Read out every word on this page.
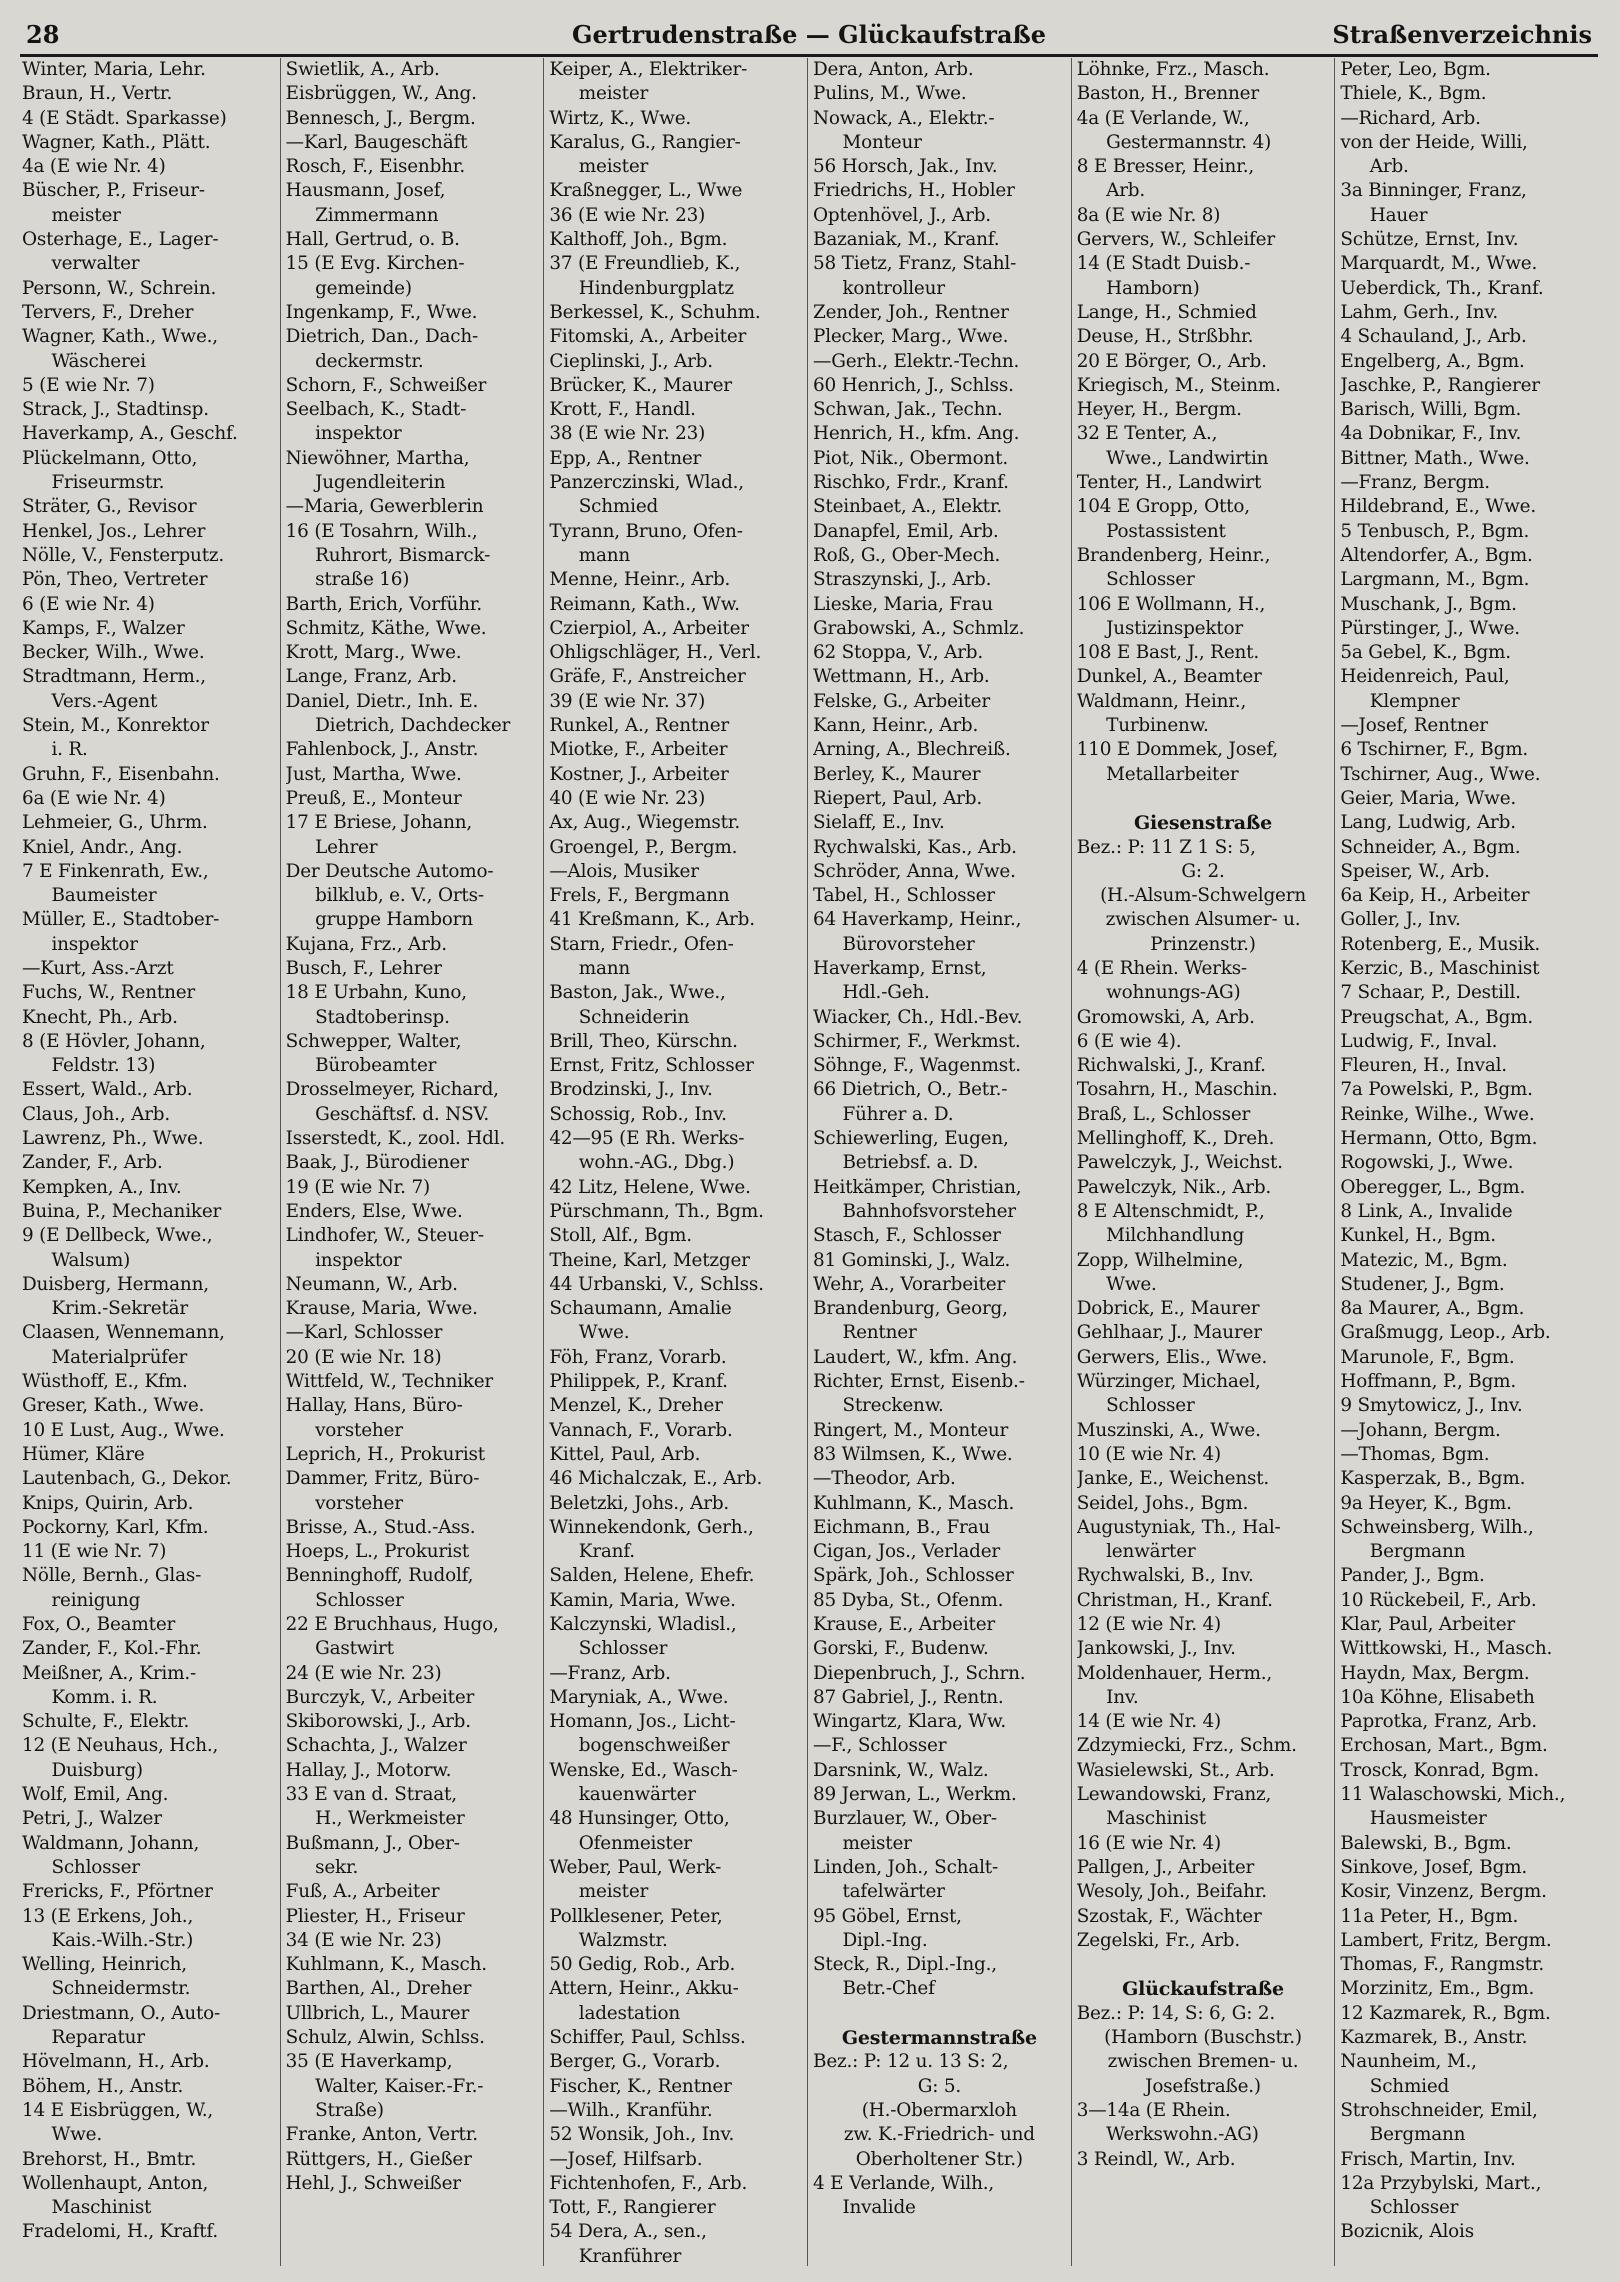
28	Gertrudenstraße — Glückaufstraße	Straßenverzeichnis
Winter, Maria, Lehr.
Braun, H., Vertr.
4 (E Städt. Sparkasse)
Wagner, Kath., Plätt.
4a (E wie Nr. 4)
Büscher, P., Friseur-
meister
Osterhage, E., Lager-
verwalter
Personn, W., Schrein.
Tervers, F., Dreher
Wagner, Kath., Wwe.,
Wäscherei
5 (E wie Nr. 7)
Strack, J., Stadtinsp.
Haverkamp, A., Geschf.
Plückelmann, Otto,
Friseurmstr.
Sträter, G., Revisor
Henkel, Jos., Lehrer
Nölle, V., Fensterputz.
Pön, Theo, Vertreter
6 (E wie Nr. 4)
Kamps, F., Walzer
Becker, Wilh., Wwe.
Stradtmann, Herm.,
Vers.-Agent
Stein, M., Konrektor
i. R.
Gruhn, F., Eisenbahn.
6a (E wie Nr. 4)
Lehmeier, G., Uhrm.
Kniel, Andr., Ang.
7 E Finkenrath, Ew.,
Baumeister
Müller, E., Stadtober-
inspektor
—Kurt, Ass.-Arzt
Fuchs, W., Rentner
Knecht, Ph., Arb.
8 (E Hövler, Johann,
Feldstr. 13)
Essert, Wald., Arb.
Claus, Joh., Arb.
Lawrenz, Ph., Wwe.
Zander, F., Arb.
Kempken, A., Inv.
Buina, P., Mechaniker
9 (E Dellbeck, Wwe.,
Walsum)
Duisberg, Hermann,
Krim.-Sekretär
Claasen, Wennemann,
Materialprüfer
Wüsthoff, E., Kfm.
Greser, Kath., Wwe.
10 E Lust, Aug., Wwe.
Hümer, Kläre
Lautenbach, G., Dekor.
Knips, Quirin, Arb.
Pockorny, Karl, Kfm.
11 (E wie Nr. 7)
Nölle, Bernh., Glas-
reinigung
Fox, O., Beamter
Zander, F., Kol.-Fhr.
Meißner, A., Krim.-
Komm. i. R.
Schulte, F., Elektr.
12 (E Neuhaus, Hch.,
Duisburg)
Wolf, Emil, Ang.
Petri, J., Walzer
Waldmann, Johann,
Schlosser
Frericks, F., Pförtner
13 (E Erkens, Joh.,
Kais.-Wilh.-Str.)
Welling, Heinrich,
Schneidermstr.
Driestmann, O., Auto-
Reparatur
Hövelmann, H., Arb.
Böhem, H., Anstr.
14 E Eisbrüggen, W.,
Wwe.
Brehorst, H., Bmtr.
Wollenhaupt, Anton,
Maschinist
Fradelomi, H., Kraftf.
Swietlik, A., Arb.
Eisbrüggen, W., Ang.
Bennesch, J., Bergm.
—Karl, Baugeschäft
Rosch, F., Eisenbhr.
Hausmann, Josef,
Zimmermann
Hall, Gertrud, o. B.
15 (E Evg. Kirchen-
gemeinde)
Ingenkamp, F., Wwe.
Dietrich, Dan., Dach-
deckermstr.
Schorn, F., Schweißer
Seelbach, K., Stadt-
inspektor
Niewöhner, Martha,
Jugendleiterin
—Maria, Gewerblerin
16 (E Tosahrn, Wilh.,
Ruhrort, Bismarck-
straße 16)
Barth, Erich, Vorführ.
Schmitz, Käthe, Wwe.
Krott, Marg., Wwe.
Lange, Franz, Arb.
Daniel, Dietr., Inh. E.
Dietrich, Dachdecker
Fahlenbock, J., Anstr.
Just, Martha, Wwe.
Preuß, E., Monteur
17 E Briese, Johann,
Lehrer
Der Deutsche Automo-
bilklub, e. V., Orts-
gruppe Hamborn
Kujana, Frz., Arb.
Busch, F., Lehrer
18 E Urbahn, Kuno,
Stadtoberinsp.
Schwepper, Walter,
Bürobeamter
Drosselmeyer, Richard,
Geschäftsf. d. NSV.
Isserstedt, K., zool. Hdl.
Baak, J., Bürodiener
19 (E wie Nr. 7)
Enders, Else, Wwe.
Lindhofer, W., Steuer-
inspektor
Neumann, W., Arb.
Krause, Maria, Wwe.
—Karl, Schlosser
20 (E wie Nr. 18)
Wittfeld, W., Techniker
Hallay, Hans, Büro-
vorsteher
Leprich, H., Prokurist
Dammer, Fritz, Büro-
vorsteher
Brisse, A., Stud.-Ass.
Hoeps, L., Prokurist
Benninghoff, Rudolf,
Schlosser
22 E Bruchhaus, Hugo,
Gastwirt
24 (E wie Nr. 23)
Burczyk, V., Arbeiter
Skiborowski, J., Arb.
Schachta, J., Walzer
Hallay, J., Motorw.
33 E van d. Straat,
H., Werkmeister
Bußmann, J., Ober-
sekr.
Fuß, A., Arbeiter
Pliester, H., Friseur
34 (E wie Nr. 23)
Kuhlmann, K., Masch.
Barthen, Al., Dreher
Ullbrich, L., Maurer
Schulz, Alwin, Schlss.
35 (E Haverkamp,
Walter, Kaiser.-Fr.-
Straße)
Franke, Anton, Vertr.
Rüttgers, H., Gießer
Hehl, J., Schweißer
Keiper, A., Elektriker-
meister
Wirtz, K., Wwe.
Karalus, G., Rangier-
meister
Kraßnegger, L., Wwe
36 (E wie Nr. 23)
Kalthoff, Joh., Bgm.
37 (E Freundlieb, K.,
Hindenburgplatz
Berkessel, K., Schuhm.
Fitomski, A., Arbeiter
Cieplinski, J., Arb.
Brücker, K., Maurer
Krott, F., Handl.
38 (E wie Nr. 23)
Epp, A., Rentner
Panzerczinski, Wlad.,
Schmied
Tyrann, Bruno, Ofen-
mann
Menne, Heinr., Arb.
Reimann, Kath., Ww.
Czierpiol, A., Arbeiter
Ohligschläger, H., Verl.
Gräfe, F., Anstreicher
39 (E wie Nr. 37)
Runkel, A., Rentner
Miotke, F., Arbeiter
Kostner, J., Arbeiter
40 (E wie Nr. 23)
Ax, Aug., Wiegemstr.
Groengel, P., Bergm.
—Alois, Musiker
Frels, F., Bergmann
41 Kreßmann, K., Arb.
Starn, Friedr., Ofen-
mann
Baston, Jak., Wwe.,
Schneiderin
Brill, Theo, Kürschn.
Ernst, Fritz, Schlosser
Brodzinski, J., Inv.
Schossig, Rob., Inv.
42—95 (E Rh. Werks-
wohn.-AG., Dbg.)
42 Litz, Helene, Wwe.
Pürschmann, Th., Bgm.
Stoll, Alf., Bgm.
Theine, Karl, Metzger
44 Urbanski, V., Schlss.
Schaumann, Amalie
Wwe.
Föh, Franz, Vorarb.
Philippek, P., Kranf.
Menzel, K., Dreher
Vannach, F., Vorarb.
Kittel, Paul, Arb.
46 Michalczak, E., Arb.
Beletzki, Johs., Arb.
Winnekendonk, Gerh.,
Kranf.
Salden, Helene, Ehefr.
Kamin, Maria, Wwe.
Kalczynski, Wladisl.,
Schlosser
—Franz, Arb.
Maryniak, A., Wwe.
Homann, Jos., Licht-
bogenschweißer
Wenske, Ed., Wasch-
kauenwärter
48 Hunsinger, Otto,
Ofenmeister
Weber, Paul, Werk-
meister
Pollklesener, Peter,
Walzmstr.
50 Gedig, Rob., Arb.
Attern, Heinr., Akku-
ladestation
Schiffer, Paul, Schlss.
Berger, G., Vorarb.
Fischer, K., Rentner
—Wilh., Kranführ.
52 Wonsik, Joh., Inv.
—Josef, Hilfsarb.
Fichtenhofen, F., Arb.
Tott, F., Rangierer
54 Dera, A., sen.,
Kranführer
Dera, Anton, Arb.
Pulins, M., Wwe.
Nowack, A., Elektr.-
Monteur
56 Horsch, Jak., Inv.
Friedrichs, H., Hobler
Optenhövel, J., Arb.
Bazaniak, M., Kranf.
58 Tietz, Franz, Stahl-
kontrolleur
Zender, Joh., Rentner
Plecker, Marg., Wwe.
—Gerh., Elektr.-Techn.
60 Henrich, J., Schlss.
Schwan, Jak., Techn.
Henrich, H., kfm. Ang.
Piot, Nik., Obermont.
Rischko, Frdr., Kranf.
Steinbaet, A., Elektr.
Danapfel, Emil, Arb.
Roß, G., Ober-Mech.
Straszynski, J., Arb.
Lieske, Maria, Frau
Grabowski, A., Schmlz.
62 Stoppa, V., Arb.
Wettmann, H., Arb.
Felske, G., Arbeiter
Kann, Heinr., Arb.
Arning, A., Blechreiß.
Berley, K., Maurer
Riepert, Paul, Arb.
Sielaff, E., Inv.
Rychwalski, Kas., Arb.
Schröder, Anna, Wwe.
Tabel, H., Schlosser
64 Haverkamp, Heinr.,
Bürovorsteher
Haverkamp, Ernst,
Hdl.-Geh.
Wiacker, Ch., Hdl.-Bev.
Schirmer, F., Werkmst.
Söhnge, F., Wagenmst.
66 Dietrich, O., Betr.-
Führer a. D.
Schiewerling, Eugen,
Betriebsf. a. D.
Heitkämper, Christian,
Bahnhofsvorsteher
Stasch, F., Schlosser
81 Gominski, J., Walz.
Wehr, A., Vorarbeiter
Brandenburg, Georg,
Rentner
Laudert, W., kfm. Ang.
Richter, Ernst, Eisenb.-
Streckenw.
Ringert, M., Monteur
83 Wilmsen, K., Wwe.
—Theodor, Arb.
Kuhlmann, K., Masch.
Eichmann, B., Frau
Cigan, Jos., Verlader
Spärk, Joh., Schlosser
85 Dyba, St., Ofenm.
Krause, E., Arbeiter
Gorski, F., Budenw.
Diepenbruch, J., Schrn.
87 Gabriel, J., Rentn.
Wingartz, Klara, Ww.
—F., Schlosser
Darsnink, W., Walz.
89 Jerwan, L., Werkm.
Burzlauer, W., Ober-
meister
Linden, Joh., Schalt-
tafelwärter
95 Göbel, Ernst,
Dipl.-Ing.
Steck, R., Dipl.-Ing.,
Betr.-Chef
Gestermannstraße
Bez.: P: 12 u. 13 S: 2,
G: 5.
(H.-Obermarxloh
zw. K.-Friedrich- und
Oberholtener Str.)
4 E Verlande, Wilh.,
Invalide
Löhnke, Frz., Masch.
Baston, H., Brenner
4a (E Verlande, W.,
Gestermannstr. 4)
8 E Bresser, Heinr.,
Arb.
8a (E wie Nr. 8)
Gervers, W., Schleifer
14 (E Stadt Duisb.-
Hamborn)
Lange, H., Schmied
Deuse, H., Strßbhr.
20 E Börger, O., Arb.
Kriegisch, M., Steinm.
Heyer, H., Bergm.
32 E Tenter, A.,
Wwe., Landwirtin
Tenter, H., Landwirt
104 E Gropp, Otto,
Postassistent
Brandenberg, Heinr.,
Schlosser
106 E Wollmann, H.,
Justizinspektor
108 E Bast, J., Rent.
Dunkel, A., Beamter
Waldmann, Heinr.,
Turbinenw.
110 E Dommek, Josef,
Metallarbeiter
Giesenstraße
Bez.: P: 11 Z 1 S: 5,
G: 2.
(H.-Alsum-Schwelgern
zwischen Alsumer- u.
Prinzenstr.)
4 (E Rhein. Werks-
wohnungs-AG)
Gromowski, A, Arb.
6 (E wie 4).
Richwalski, J., Kranf.
Tosahrn, H., Maschin.
Braß, L., Schlosser
Mellinghoff, K., Dreh.
Pawelczyk, J., Weichst.
Pawelczyk, Nik., Arb.
8 E Altenschmidt, P.,
Milchhandlung
Zopp, Wilhelmine,
Wwe.
Dobrick, E., Maurer
Gehlhaar, J., Maurer
Gerwers, Elis., Wwe.
Würzinger, Michael,
Schlosser
Muszinski, A., Wwe.
10 (E wie Nr. 4)
Janke, E., Weichenst.
Seidel, Johs., Bgm.
Augustyniak, Th., Hal-
lenwärter
Rychwalski, B., Inv.
Christman, H., Kranf.
12 (E wie Nr. 4)
Jankowski, J., Inv.
Moldenhauer, Herm.,
Inv.
14 (E wie Nr. 4)
Zdzymiecki, Frz., Schm.
Wasielewski, St., Arb.
Lewandowski, Franz,
Maschinist
16 (E wie Nr. 4)
Pallgen, J., Arbeiter
Wesoly, Joh., Beifahr.
Szostak, F., Wächter
Zegelski, Fr., Arb.
Glückaufstraße
Bez.: P: 14, S: 6, G: 2.
(Hamborn (Buschstr.)
zwischen Bremen- u.
Josefstraße.)
3—14a (E Rhein.
Werkswohn.-AG)
3 Reindl, W., Arb.
Peter, Leo, Bgm.
Thiele, K., Bgm.
—Richard, Arb.
von der Heide, Willi,
Arb.
3a Binninger, Franz,
Hauer
Schütze, Ernst, Inv.
Marquardt, M., Wwe.
Ueberdick, Th., Kranf.
Lahm, Gerh., Inv.
4 Schauland, J., Arb.
Engelberg, A., Bgm.
Jaschke, P., Rangierer
Barisch, Willi, Bgm.
4a Dobnikar, F., Inv.
Bittner, Math., Wwe.
—Franz, Bergm.
Hildebrand, E., Wwe.
5 Tenbusch, P., Bgm.
Altendorfer, A., Bgm.
Largmann, M., Bgm.
Muschank, J., Bgm.
Pürstinger, J., Wwe.
5a Gebel, K., Bgm.
Heidenreich, Paul,
Klempner
—Josef, Rentner
6 Tschirner, F., Bgm.
Tschirner, Aug., Wwe.
Geier, Maria, Wwe.
Lang, Ludwig, Arb.
Schneider, A., Bgm.
Speiser, W., Arb.
6a Keip, H., Arbeiter
Goller, J., Inv.
Rotenberg, E., Musik.
Kerzic, B., Maschinist
7 Schaar, P., Destill.
Preugschat, A., Bgm.
Ludwig, F., Inval.
Fleuren, H., Inval.
7a Powelski, P., Bgm.
Reinke, Wilhe., Wwe.
Hermann, Otto, Bgm.
Rogowski, J., Wwe.
Oberegger, L., Bgm.
8 Link, A., Invalide
Kunkel, H., Bgm.
Matezic, M., Bgm.
Studener, J., Bgm.
8a Maurer, A., Bgm.
Graßmugg, Leop., Arb.
Marunole, F., Bgm.
Hoffmann, P., Bgm.
9 Smytowicz, J., Inv.
—Johann, Bergm.
—Thomas, Bgm.
Kasperzak, B., Bgm.
9a Heyer, K., Bgm.
Schweinsberg, Wilh.,
Bergmann
Pander, J., Bgm.
10 Rückebeil, F., Arb.
Klar, Paul, Arbeiter
Wittkowski, H., Masch.
Haydn, Max, Bergm.
10a Köhne, Elisabeth
Paprotka, Franz, Arb.
Erchosan, Mart., Bgm.
Trosck, Konrad, Bgm.
11 Walaschowski, Mich.,
Hausmeister
Balewski, B., Bgm.
Sinkove, Josef, Bgm.
Kosir, Vinzenz, Bergm.
11a Peter, H., Bgm.
Lambert, Fritz, Bergm.
Thomas, F., Rangmstr.
Morzinitz, Em., Bgm.
12 Kazmarek, R., Bgm.
Kazmarek, B., Anstr.
Naunheim, M.,
Schmied
Strohschneider, Emil,
Bergmann
Frisch, Martin, Inv.
12a Przybylski, Mart.,
Schlosser
Bozicnik, Alois
